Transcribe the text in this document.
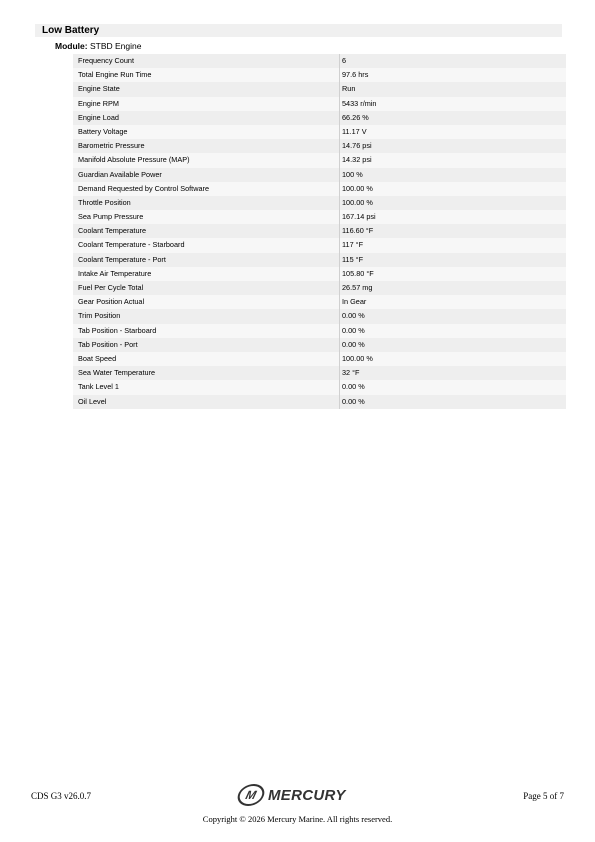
Low Battery
Module: STBD Engine
Frequency Count	6
Total Engine Run Time	97.6 hrs
Engine State	Run
Engine RPM	5433 r/min
Engine Load	66.26 %
Battery Voltage	11.17 V
Barometric Pressure	14.76 psi
Manifold Absolute Pressure (MAP)	14.32 psi
Guardian Available Power	100 %
Demand Requested by Control Software	100.00 %
Throttle Position	100.00 %
Sea Pump Pressure	167.14 psi
Coolant Temperature	116.60 °F
Coolant Temperature - Starboard	117 °F
Coolant Temperature - Port	115 °F
Intake Air Temperature	105.80 °F
Fuel Per Cycle Total	26.57 mg
Gear Position Actual	In Gear
Trim Position	0.00 %
Tab Position - Starboard	0.00 %
Tab Position - Port	0.00 %
Boat Speed	100.00 %
Sea Water Temperature	32 °F
Tank Level 1	0.00 %
Oil Level	0.00 %
CDS G3 v26.0.7	M MERCURY	Page 5 of 7
Copyright © 2026 Mercury Marine. All rights reserved.
